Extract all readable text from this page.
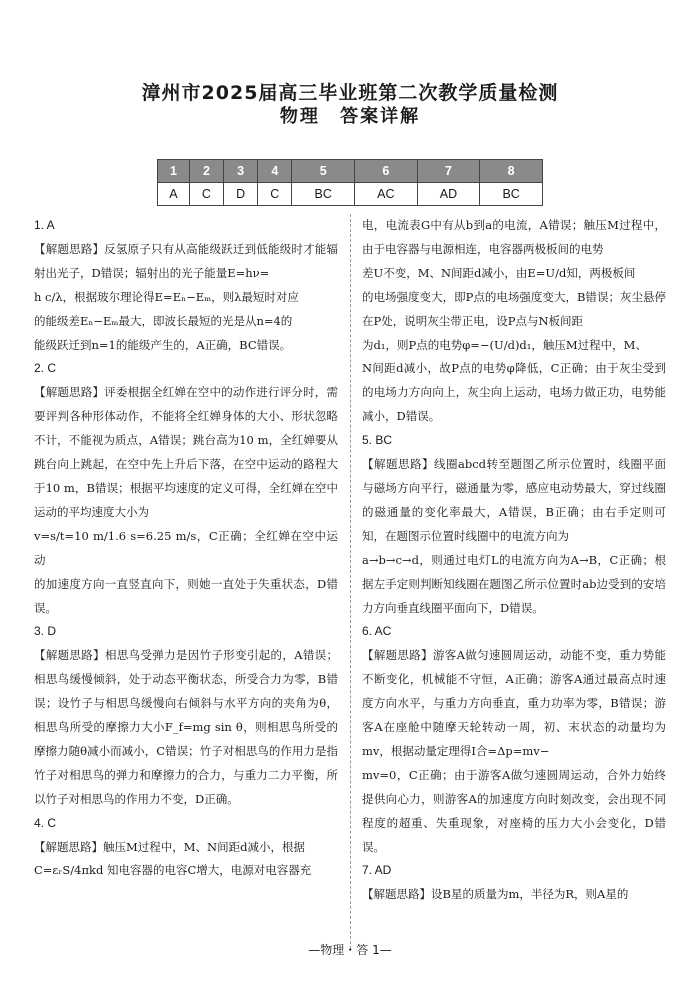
漳州市2025届高三毕业班第二次教学质量检测
物理 答案详解
1	2	3	4	5	6	7	8
A	C	D	C	BC	AC	AD	BC

1. A

【解题思路】反氢原子只有从高能级跃迁到低能级时才能辐射出光子，D错误；辐射出的光子能量E=hν=

h c/λ，根据玻尔理论得E=Eₙ−Eₘ，则λ最短时对应

的能级差Eₙ−Eₘ最大，即波长最短的光是从n=4的

能级跃迁到n=1的能级产生的，A正确，BC错误。

2. C

【解题思路】评委根据全红婵在空中的动作进行评分时，需要评判各种形体动作，不能将全红婵身体的大小、形状忽略不计，不能视为质点，A错误；跳台高为10 m，全红婵要从跳台向上跳起，在空中先上升后下落，在空中运动的路程大于10 m，B错误；根据平均速度的定义可得，全红婵在空中运动的平均速度大小为

v=s/t=10 m/1.6 s=6.25 m/s，C正确；全红婵在空中运动

的加速度方向一直竖直向下，则她一直处于失重状态，D错误。

3. D

【解题思路】相思鸟受弹力是因竹子形变引起的，A错误；相思鸟缓慢倾斜，处于动态平衡状态，所受合力为零，B错误；设竹子与相思鸟缓慢向右倾斜与水平方向的夹角为θ，相思鸟所受的摩擦力大小F_f=mg sin θ，则相思鸟所受的摩擦力随θ减小而减小，C错误；竹子对相思鸟的作用力是指竹子对相思鸟的弹力和摩擦力的合力，与重力二力平衡，所以竹子对相思鸟的作用力不变，D正确。

4. C

【解题思路】触压M过程中，M、N间距d减小，根据

C=εᵣS/4πkd 知电容器的电容C增大，电源对电容器充

电，电流表G中有从b到a的电流，A错误；触压M过程中，由于电容器与电源相连，电容器两极板间的电势

差U不变，M、N间距d减小，由E=U/d知，两极板间

的电场强度变大，即P点的电场强度变大，B错误；灰尘悬停在P处，说明灰尘带正电，设P点与N板间距

为d₁，则P点的电势φ=−(U/d)d₁，触压M过程中，M、

N间距d减小，故P点的电势φ降低，C正确；由于灰尘受到的电场力方向向上，灰尘向上运动，电场力做正功，电势能减小，D错误。

5. BC

【解题思路】线圈abcd转至题图乙所示位置时，线圈平面与磁场方向平行，磁通量为零，感应电动势最大，穿过线圈的磁通量的变化率最大，A错误，B正确；由右手定则可知，在题图示位置时线圈中的电流方向为

a→b→c→d，则通过电灯L的电流方向为A→B，C正确；根据左手定则判断知线圈在题图乙所示位置时ab边受到的安培力方向垂直线圈平面向下，D错误。

6. AC

【解题思路】游客A做匀速圆周运动，动能不变，重力势能不断变化，机械能不守恒，A正确；游客A通过最高点时速度方向水平，与重力方向垂直，重力功率为零，B错误；游客A在座舱中随摩天轮转动一周，初、末状态的动量均为mv，根据动量定理得I合=Δp=mv−

mv=0，C正确；由于游客A做匀速圆周运动，合外力始终提供向心力，则游客A的加速度方向时刻改变，会出现不同程度的超重、失重现象，对座椅的压力大小会变化，D错误。

7. AD

【解题思路】设B星的质量为m，半径为R，则A星的

—物理・答 1—
